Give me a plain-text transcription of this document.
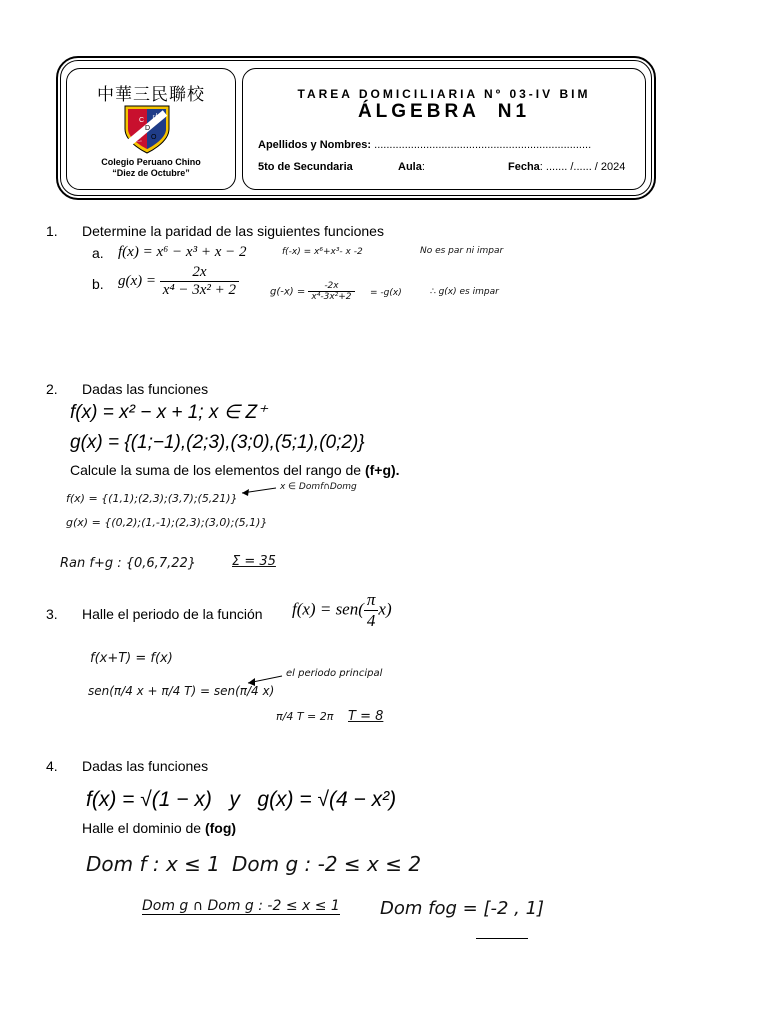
中華三民聯校
C
D
O
中
三
Colegio Peruano Chino
“Diez de Octubre”
TAREA DOMICILIARIA Nº 03-IV BIM
ÁLGEBRA  N1
Apellidos y Nombres: .......................................................................
5to de Secundaria	Aula:	Fecha: ....... /...... / 2024
1. Determine la paridad de las siguientes funciones
a. f(x) = x⁶ − x³ + x − 2	f(-x) = x⁶+x³- x -2	No es par ni impar
b. $g(x) = \frac{2x}{\text{x⁴ − 3x² + 2}}$	$g(-x) = \frac{-2x}{\text{x⁴-3x²+2}} = -g(x)$	∴ g(x) es impar
2. Dadas las funciones
f(x) = x² − x + 1; x ∈ Z⁺
g(x) = {(1;−1),(2;3),(3;0),(5;1),(0;2)}
Calcule la suma de los elementos del rango de (f+g).
f(x) = {(1,1);(2,3);(3,7);(5,21)}
x ∈ Domf∩Domg
g(x) = {(0,2);(1,-1);(2,3);(3,0);(5,1)}
Ran f+g : {0,6,7,22}	Σ = 35
3. Halle el periodo de la función $f(x) = sen( \frac{\pi}{4} x)$
f(x+T) = f(x)
sen(π/4 x + π/4 T) = sen(π/4 x)
el periodo principal
π/4 T = 2π T = 8
4. Dadas las funciones
f(x) = √(1 − x)   y   g(x) = √(4 − x²)
Halle el dominio de (fog)
Dom f : x ≤ 1 Dom g : -2 ≤ x ≤ 2
Dom g ∩ Dom g : -2 ≤ x ≤ 1 Dom fog = [-2 , 1]
